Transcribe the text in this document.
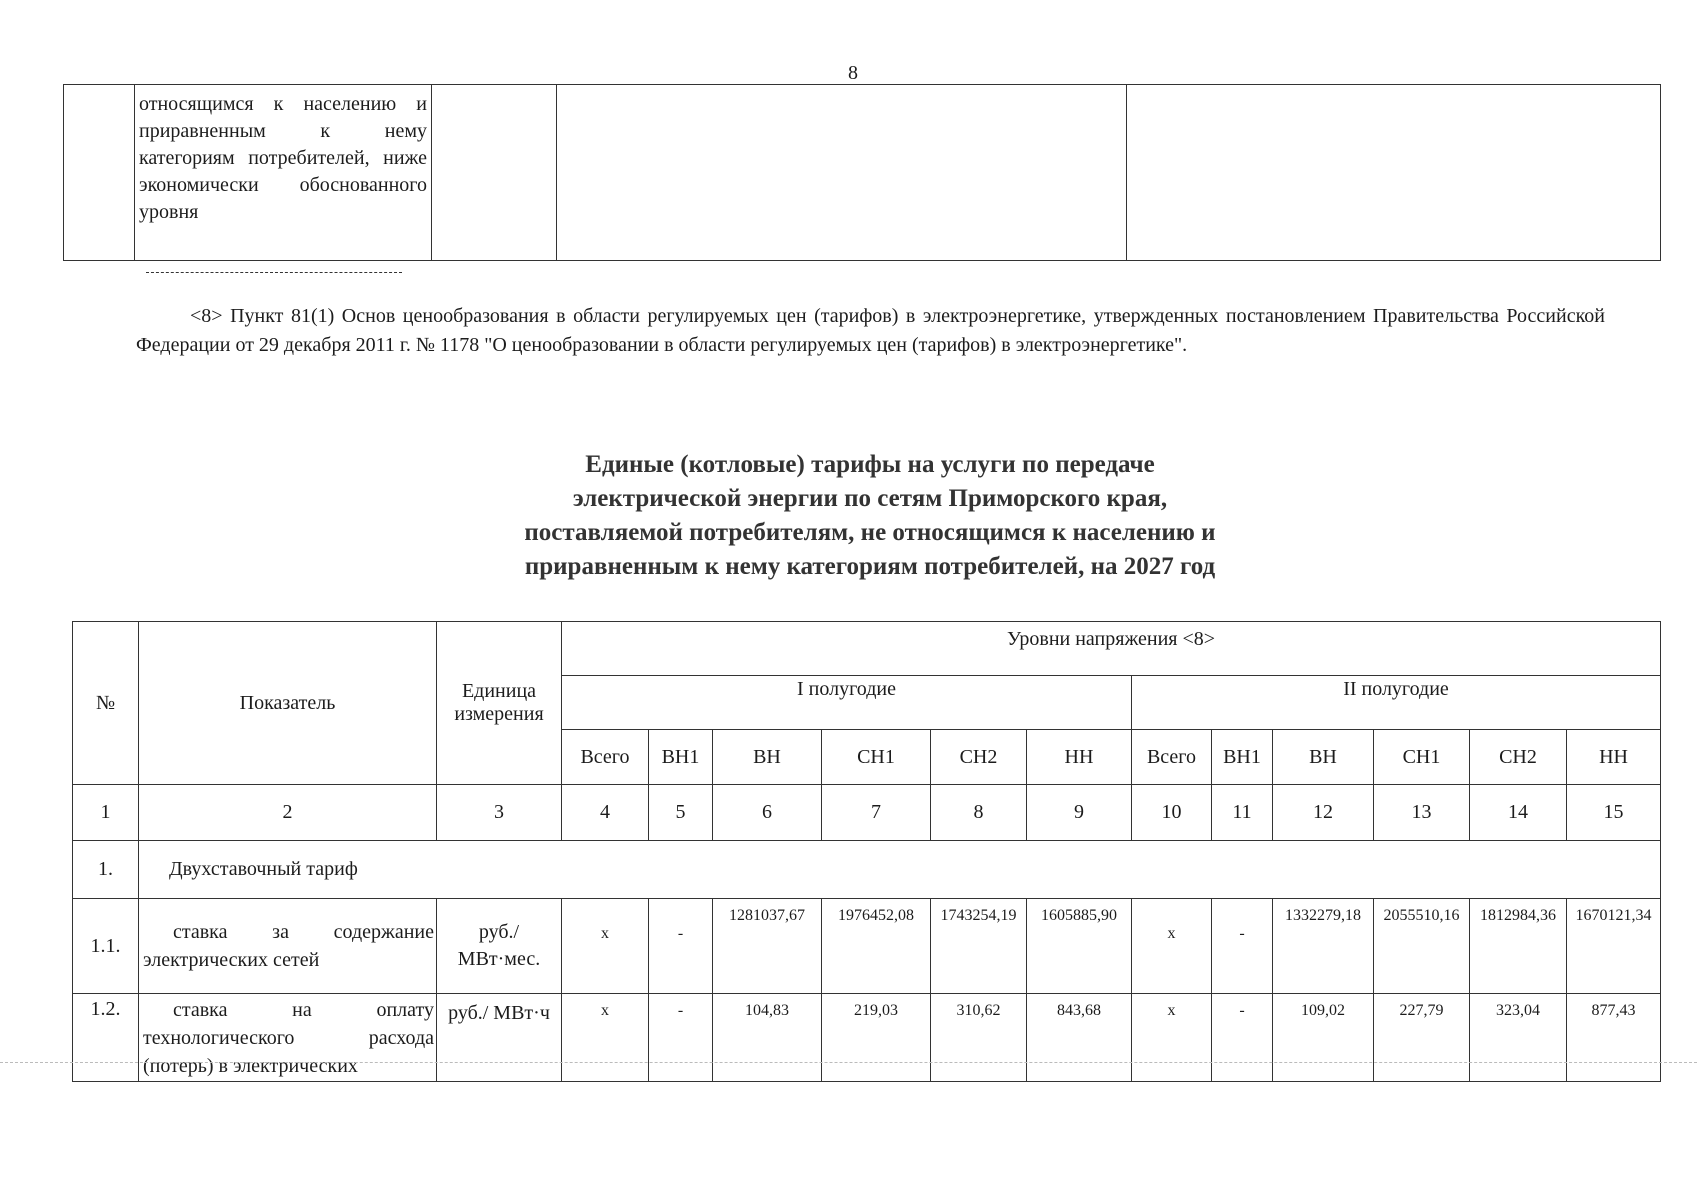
8
	относящимся к населению и приравненным к нему категориям потребителей, ниже экономически обоснованного уровня			
<8> Пункт 81(1) Основ ценообразования в области регулируемых цен (тарифов) в электроэнергетике, утвержденных постановлением Правительства Российской Федерации от 29 декабря 2011 г. № 1178 "О ценообразовании в области регулируемых цен (тарифов) в электроэнергетике".
Единые (котловые) тарифы на услуги по передаче
электрической энергии по сетям Приморского края,
поставляемой потребителям, не относящимся к населению и
приравненным к нему категориям потребителей, на 2027 год
№	Показатель	Единица измерения	Уровни напряжения <8>											
			I полугодие						II полугодие					
			Всего	ВН1	ВН	СН1	СН2	НН	Всего	ВН1	ВН	СН1	СН2	НН
1	2	3	4	5	6	7	8	9	10	11	12	13	14	15
1.	Двухставочный тариф													
1.1.	ставка за содержание электрических сетей	руб./ МВт·мес.	x	-	1281037,67	1976452,08	1743254,19	1605885,90	x	-	1332279,18	2055510,16	1812984,36	1670121,34
1.2.	ставка на оплату технологического расхода (потерь) в электрических	руб./ МВт·ч	x	-	104,83	219,03	310,62	843,68	x	-	109,02	227,79	323,04	877,43
